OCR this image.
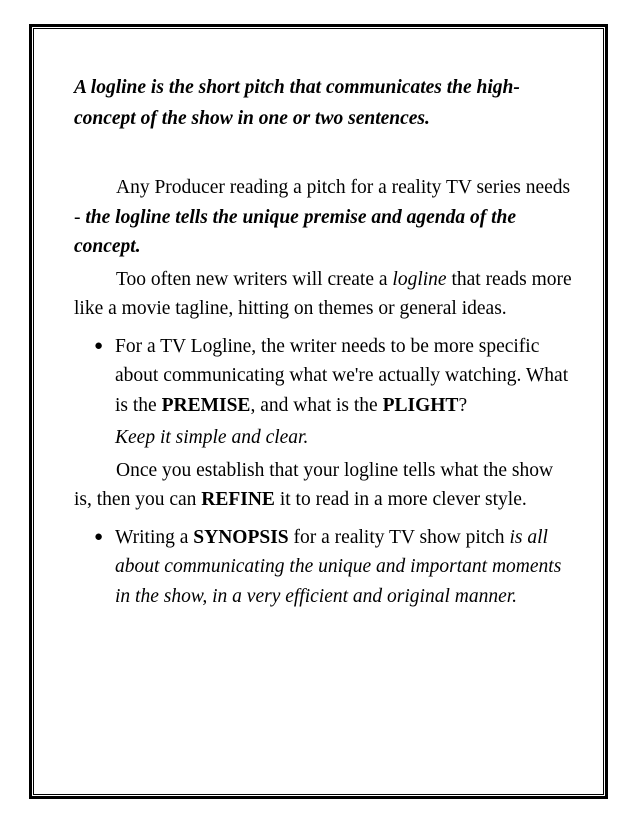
A logline is the short pitch that communicates the high-concept of the show in one or two sentences.

Any Producer reading a pitch for a reality TV series needs - the logline tells the unique premise and agenda of the concept.

Too often new writers will create a logline that reads more like a movie tagline, hitting on themes or general ideas.

● For a TV Logline, the writer needs to be more specific about communicating what we're actually watching. What is the PREMISE, and what is the PLIGHT?

Keep it simple and clear.

Once you establish that your logline tells what the show is, then you can REFINE it to read in a more clever style.

● Writing a SYNOPSIS for a reality TV show pitch is all about communicating the unique and important moments in the show, in a very efficient and original manner.
